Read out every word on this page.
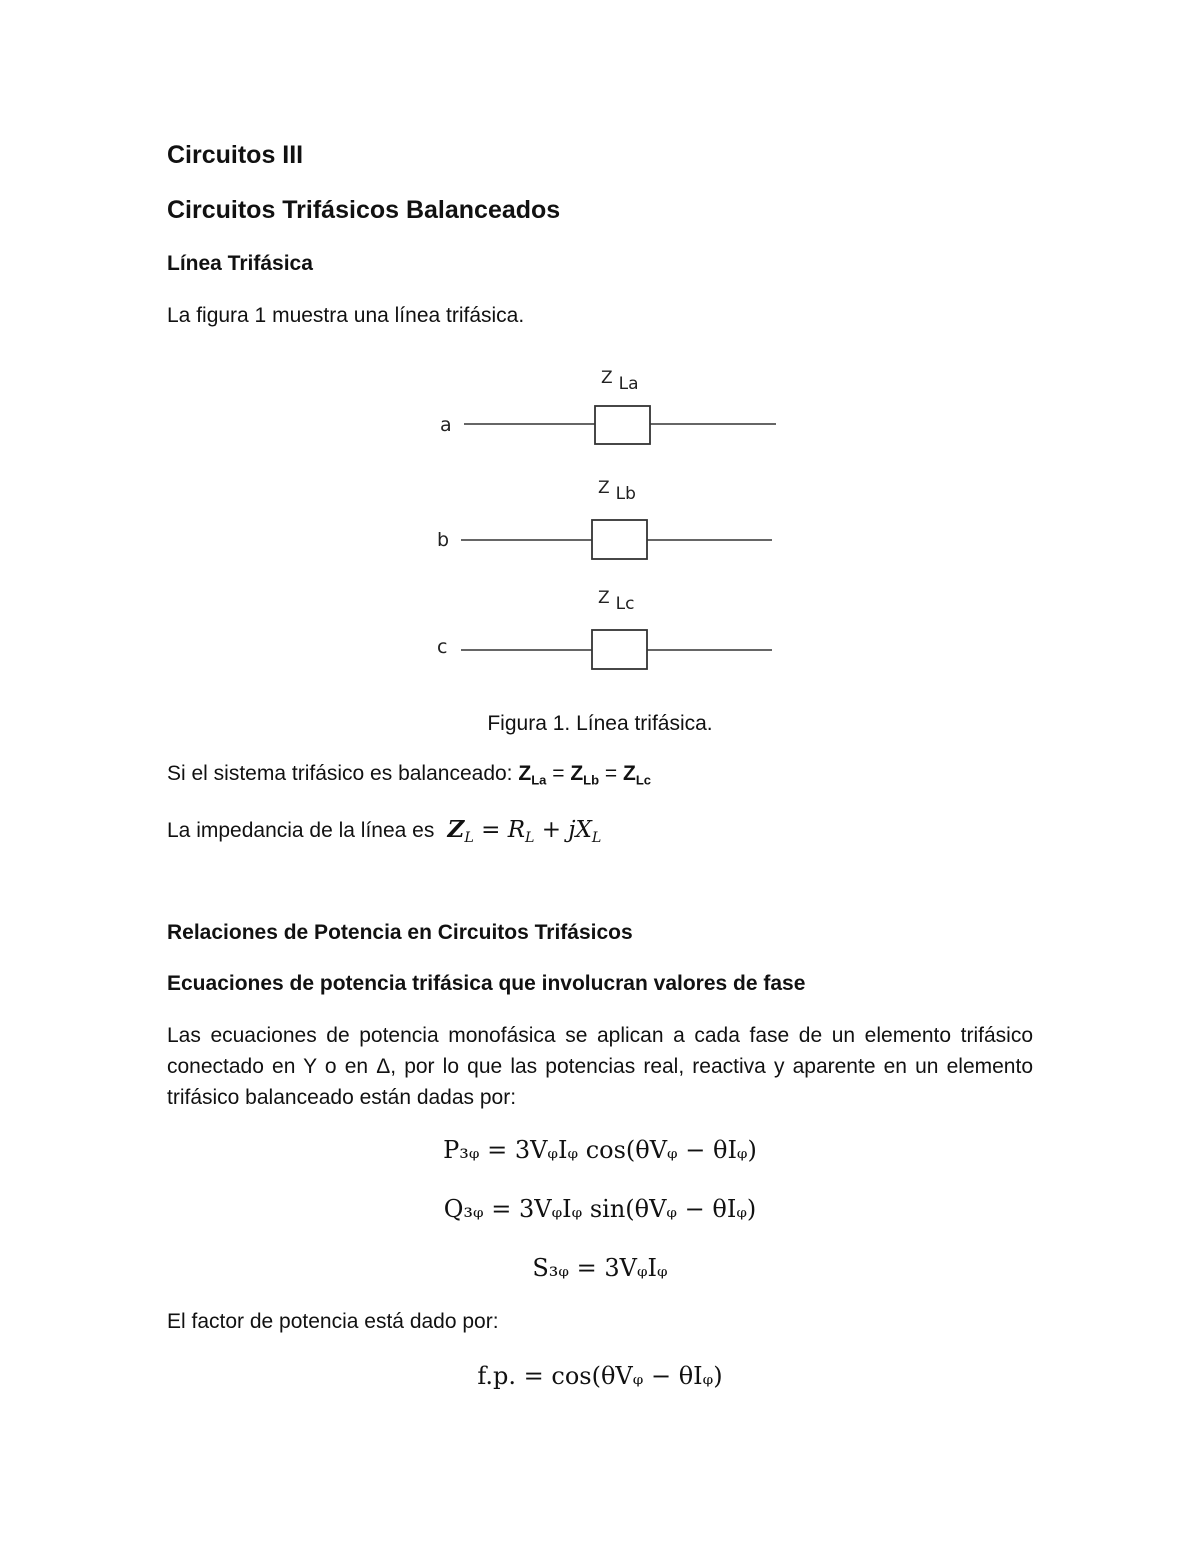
Circuitos III
Circuitos Trifásicos Balanceados
Línea Trifásica
La figura 1 muestra una línea trifásica.
a
Z La
b
Z Lb
c
Z Lc
Figura 1. Línea trifásica.
Si el sistema trifásico es balanceado: $Z_{La} = Z_{Lb} = Z_{Lc}$
La impedancia de la línea es $Z_L = R_L + jX_L$
Relaciones de Potencia en Circuitos Trifásicos
Ecuaciones de potencia trifásica que involucran valores de fase
Las ecuaciones de potencia monofásica se aplican a cada fase de un elemento trifásico conectado en Y o en Δ, por lo que las potencias real, reactiva y aparente en un elemento trifásico balanceado están dadas por:
P₃ᵩ = 3VᵩIᵩ cos(θVᵩ − θIᵩ)
Q₃ᵩ = 3VᵩIᵩ sin(θVᵩ − θIᵩ)
S₃ᵩ = 3VᵩIᵩ
El factor de potencia está dado por:
f.p. = cos(θVᵩ − θIᵩ)
